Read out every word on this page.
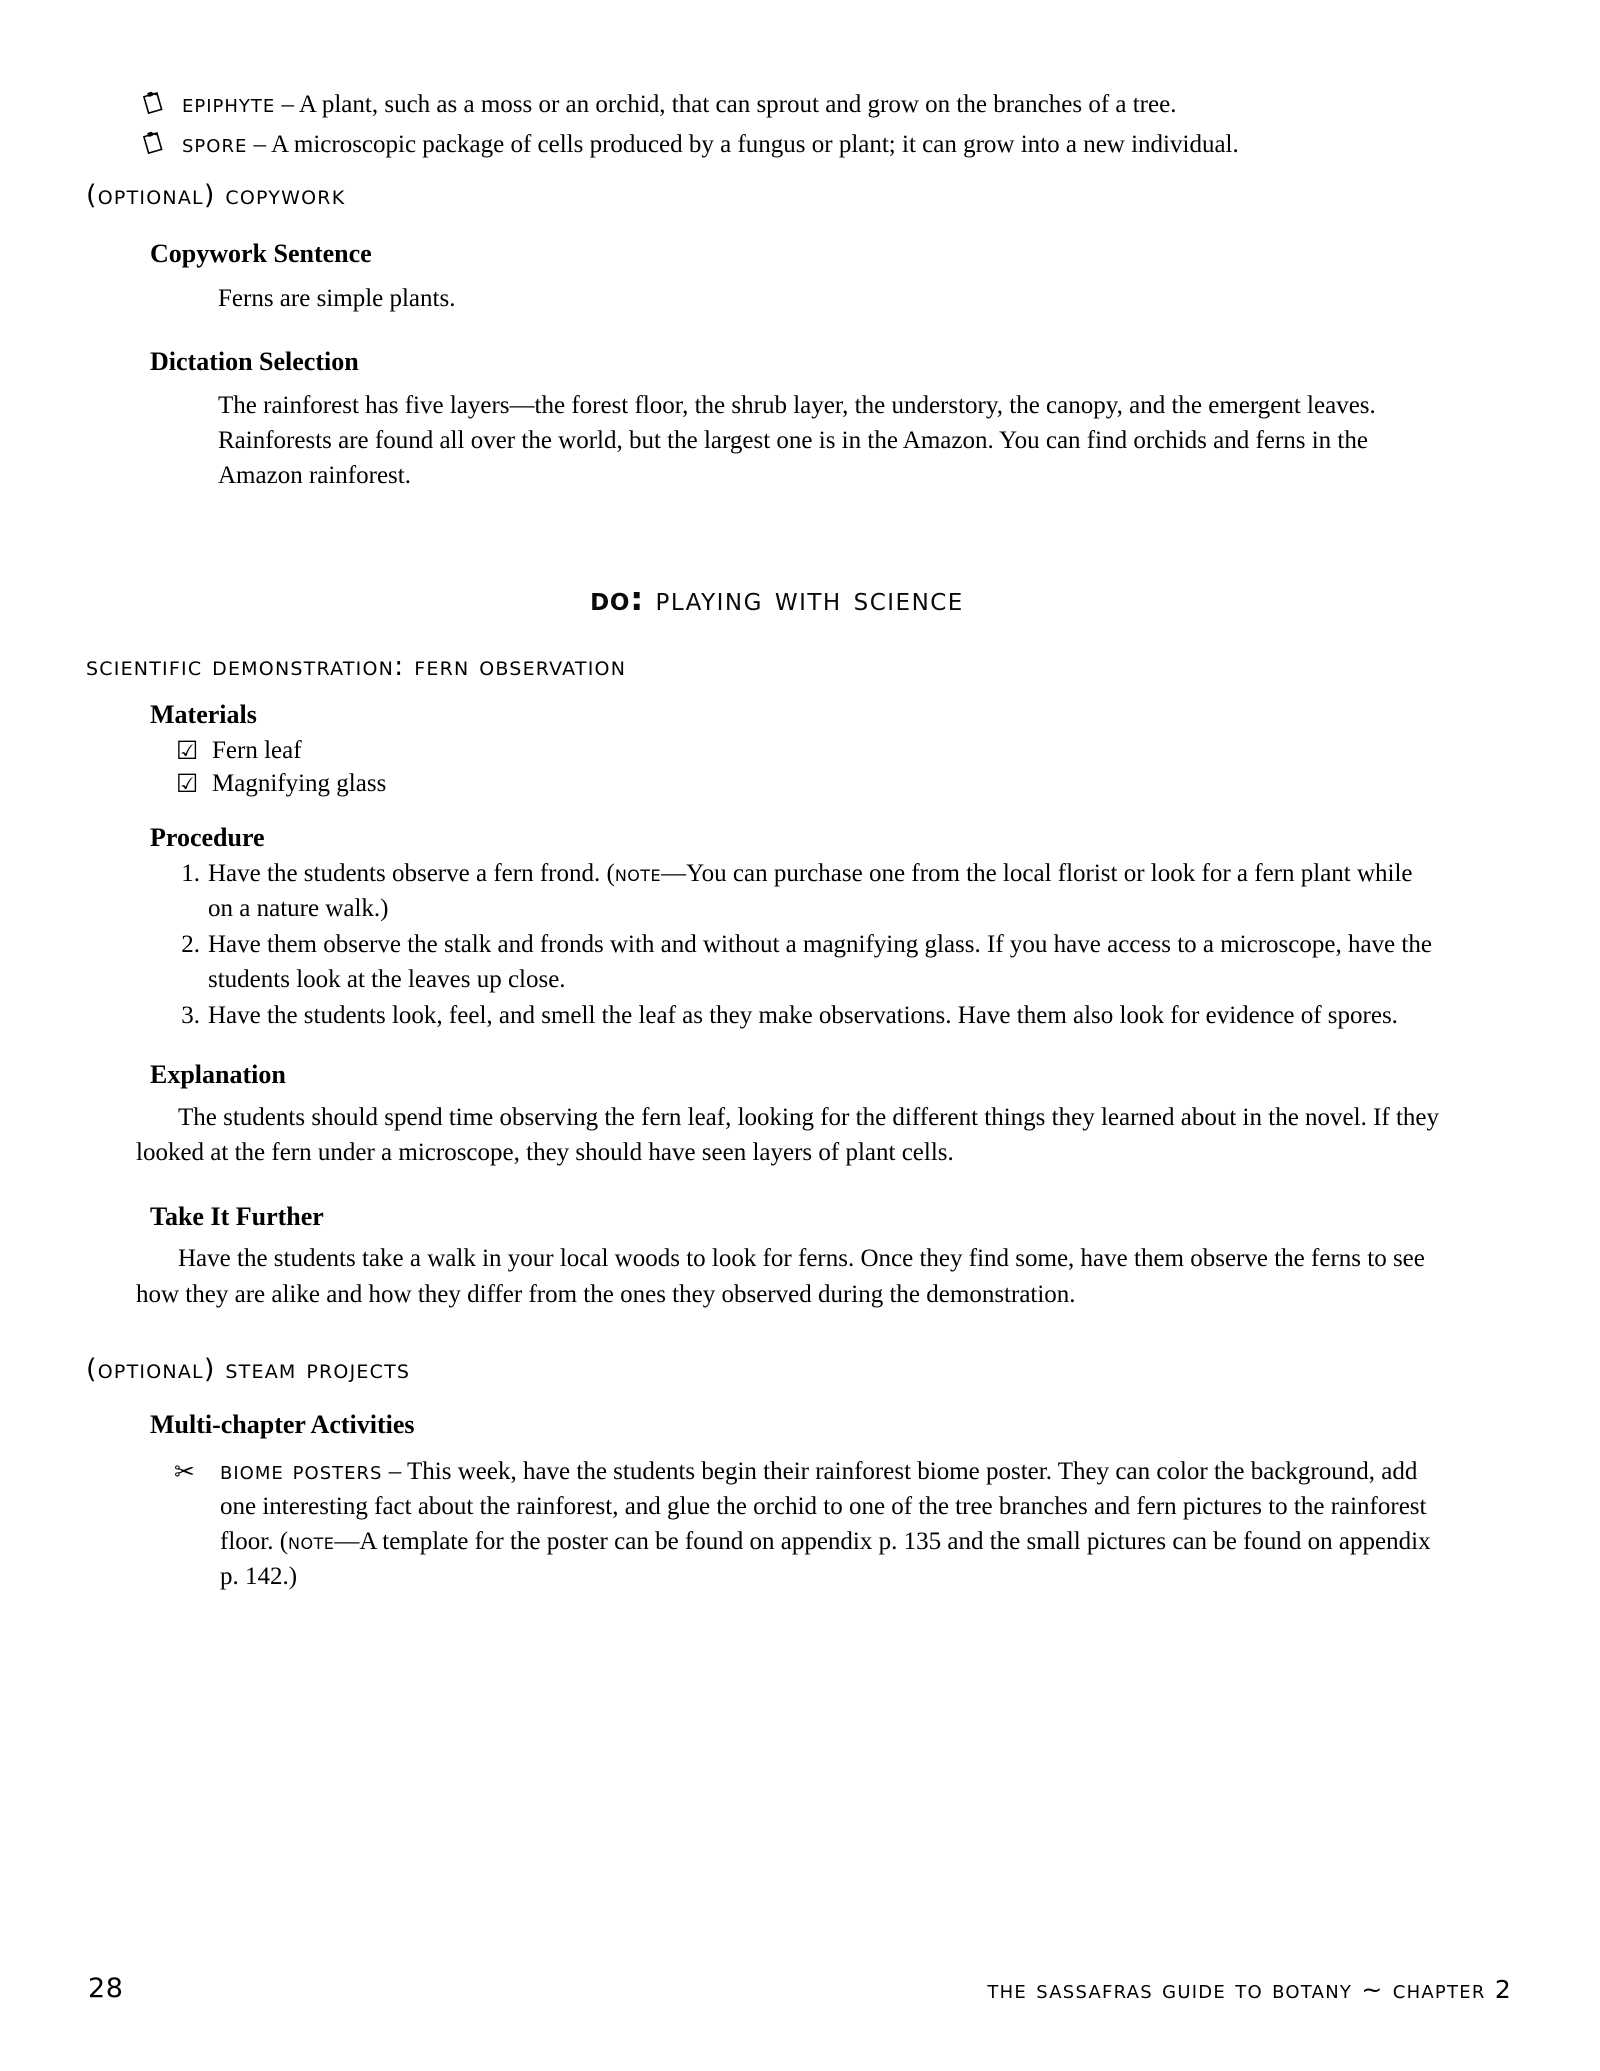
epiphyte – A plant, such as a moss or an orchid, that can sprout and grow on the branches of a tree.
spore – A microscopic package of cells produced by a fungus or plant; it can grow into a new individual.
(optional) copywork
Copywork Sentence
Ferns are simple plants.
Dictation Selection
The rainforest has five layers—the forest floor, the shrub layer, the understory, the canopy, and the emergent leaves. Rainforests are found all over the world, but the largest one is in the Amazon. You can find orchids and ferns in the Amazon rainforest.
do: playing with science
scientific demonstration: fern observation
Materials
☑ Fern leaf
☑ Magnifying glass
Procedure
1. Have the students observe a fern frond. (note—You can purchase one from the local florist or look for a fern plant while on a nature walk.)
2. Have them observe the stalk and fronds with and without a magnifying glass. If you have access to a microscope, have the students look at the leaves up close.
3. Have the students look, feel, and smell the leaf as they make observations. Have them also look for evidence of spores.
Explanation

The students should spend time observing the fern leaf, looking for the different things they learned about in the novel. If they looked at the fern under a microscope, they should have seen layers of plant cells.

Take It Further

Have the students take a walk in your local woods to look for ferns. Once they find some, have them observe the ferns to see how they are alike and how they differ from the ones they observed during the demonstration.

(optional) steam projects
Multi-chapter Activities
✂ biome posters – This week, have the students begin their rainforest biome poster. They can color the background, add one interesting fact about the rainforest, and glue the orchid to one of the tree branches and fern pictures to the rainforest floor. (note—A template for the poster can be found on appendix p. 135 and the small pictures can be found on appendix p. 142.)
28	the sassafras guide to botany ~ chapter 2
